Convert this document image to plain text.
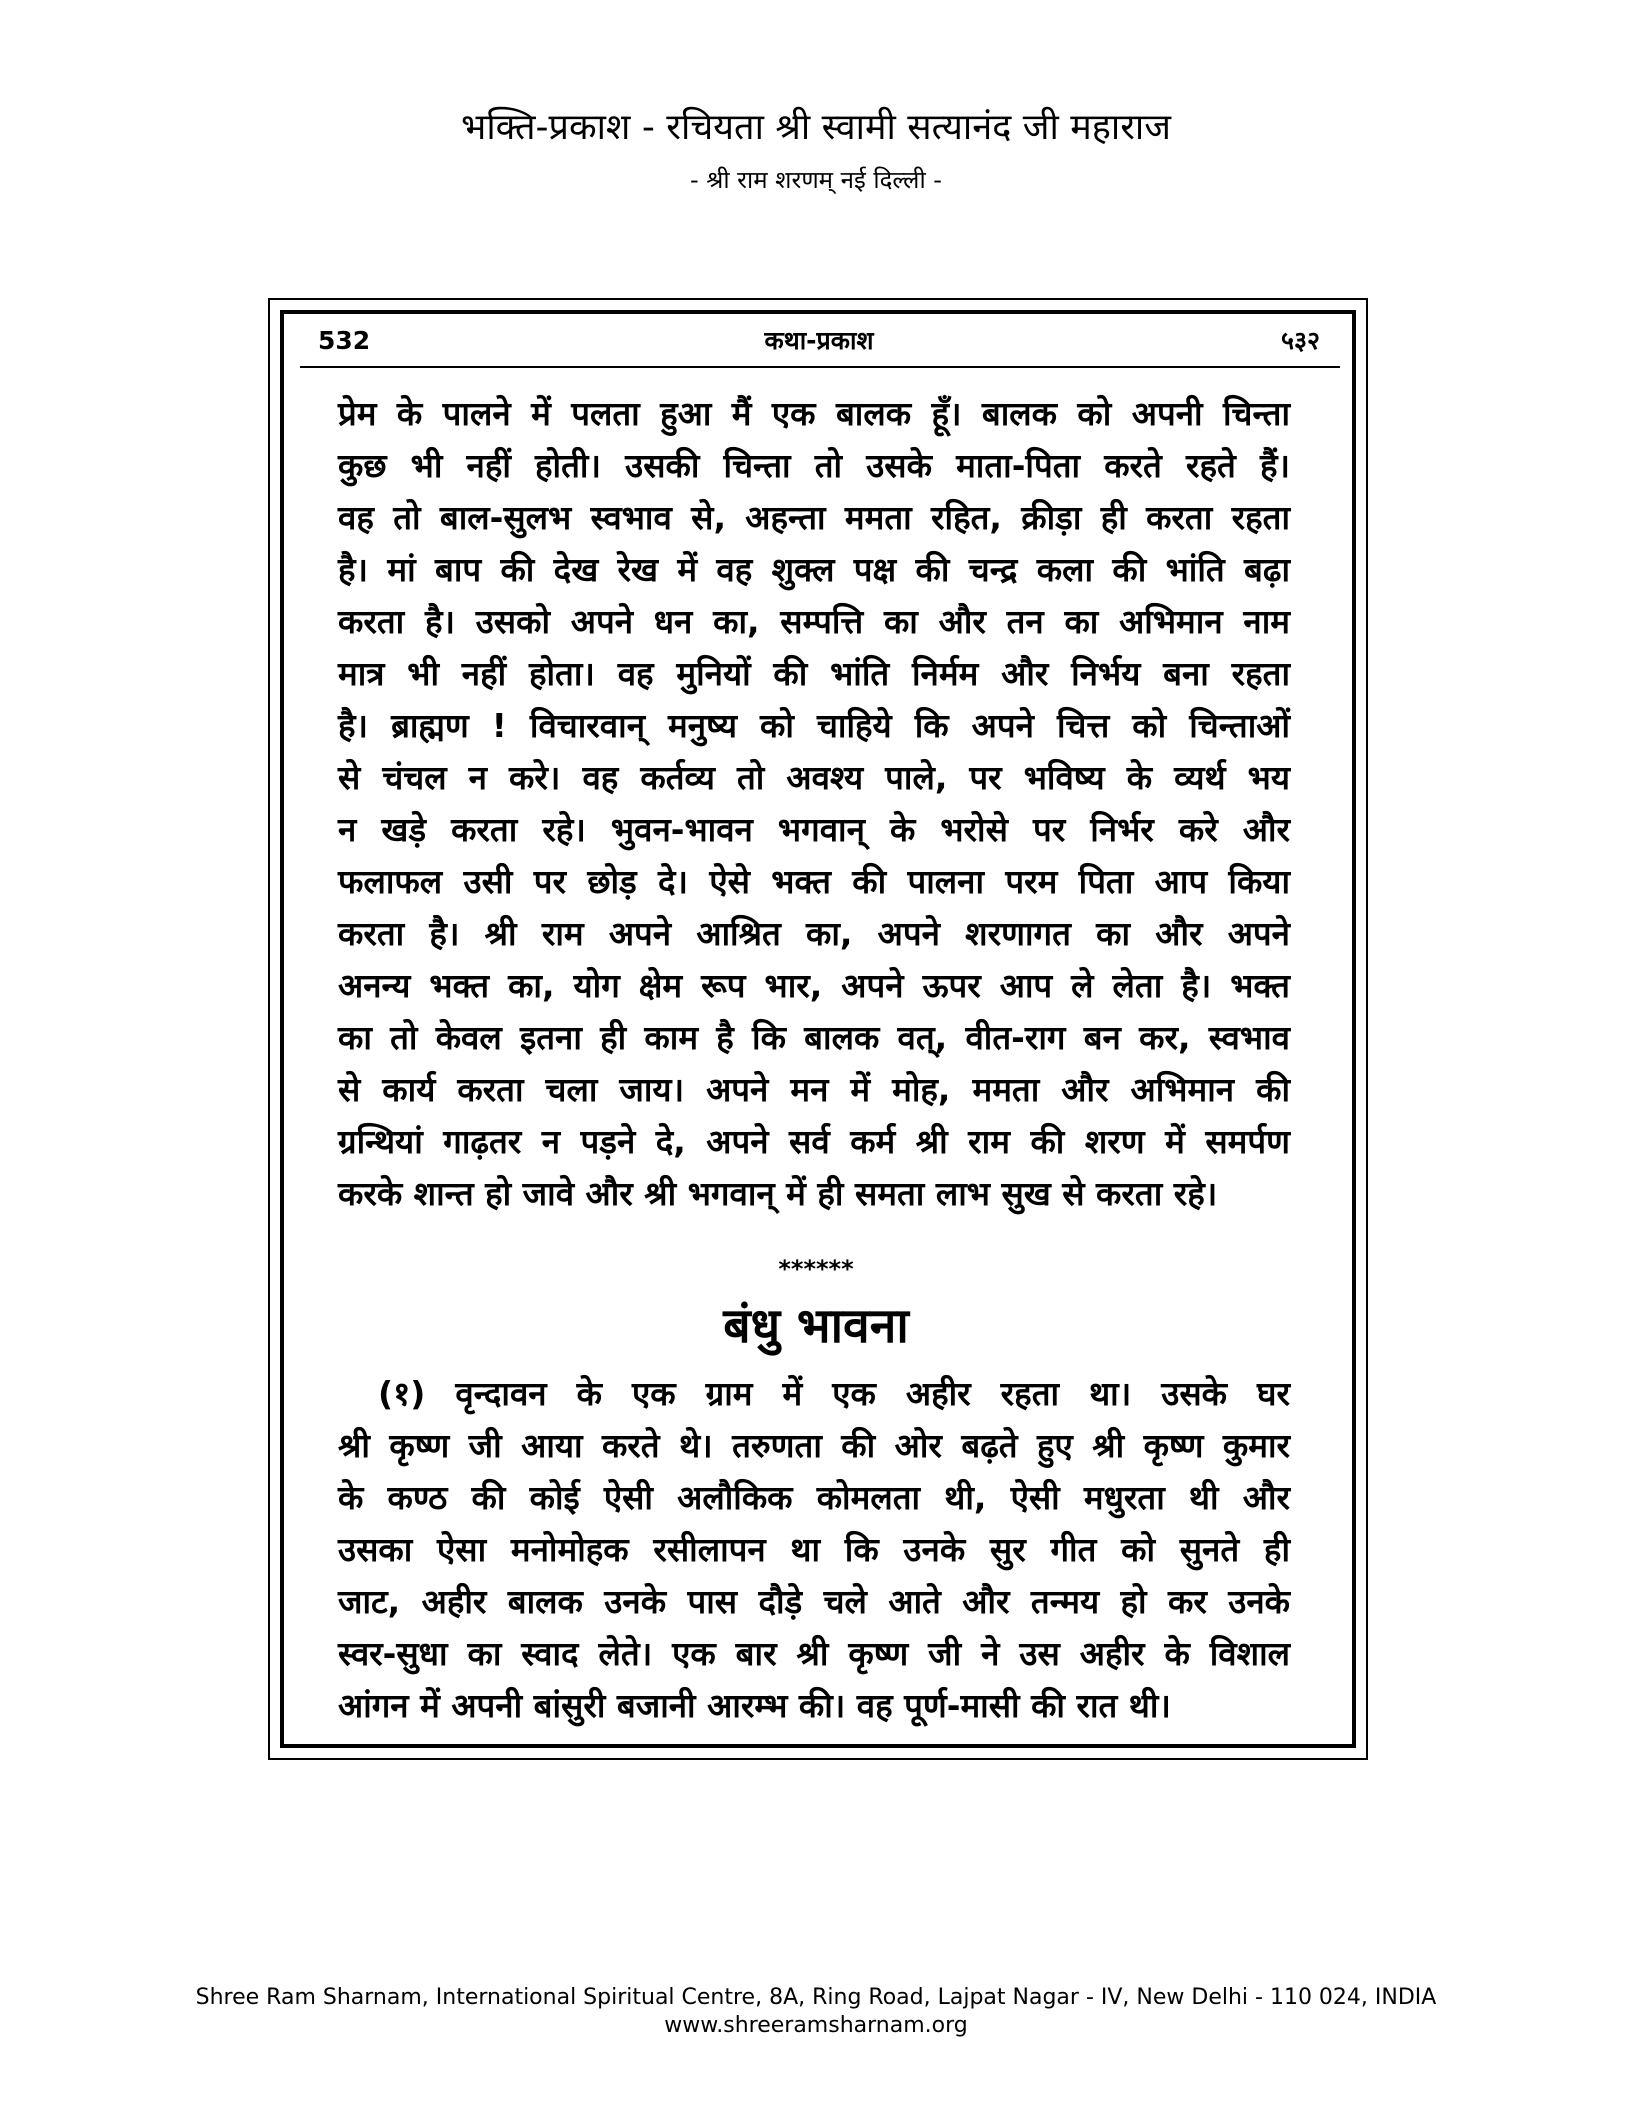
भक्ति-प्रकाश - रचियता श्री स्वामी सत्यानंद जी महाराज
- श्री राम शरणम् नई दिल्ली -
कथा-प्रकाश
532	५३२
प्रेम के पालने में पलता हुआ मैं एक बालक हूँ। बालक को अपनी चिन्ता
कुछ भी नहीं होती। उसकी चिन्ता तो उसके माता-पिता करते रहते हैं।
वह तो बाल-सुलभ स्वभाव से, अहन्ता ममता रहित, क्रीड़ा ही करता रहता
है। मां बाप की देख रेख में वह शुक्ल पक्ष की चन्द्र कला की भांति बढ़ा
करता है। उसको अपने धन का, सम्पत्ति का और तन का अभिमान नाम
मात्र भी नहीं होता। वह मुनियों की भांति निर्मम और निर्भय बना रहता
है। ब्राह्मण ! विचारवान् मनुष्य को चाहिये कि अपने चित्त को चिन्ताओं
से चंचल न करे। वह कर्तव्य तो अवश्य पाले, पर भविष्य के व्यर्थ भय
न खड़े करता रहे। भुवन-भावन भगवान् के भरोसे पर निर्भर करे और
फलाफल उसी पर छोड़ दे। ऐसे भक्त की पालना परम पिता आप किया
करता है। श्री राम अपने आश्रित का, अपने शरणागत का और अपने
अनन्य भक्त का, योग क्षेम रूप भार, अपने ऊपर आप ले लेता है। भक्त
का तो केवल इतना ही काम है कि बालक वत्, वीत-राग बन कर, स्वभाव
से कार्य करता चला जाय। अपने मन में मोह, ममता और अभिमान की
ग्रन्थियां गाढ़तर न पड़ने दे, अपने सर्व कर्म श्री राम की शरण में समर्पण
करके शान्त हो जावे और श्री भगवान् में ही समता लाभ सुख से करता रहे।
******
बंधु भावना
(१) वृन्दावन के एक ग्राम में एक अहीर रहता था। उसके घर
श्री कृष्ण जी आया करते थे। तरुणता की ओर बढ़ते हुए श्री कृष्ण कुमार
के कण्ठ की कोई ऐसी अलौकिक कोमलता थी, ऐसी मधुरता थी और
उसका ऐसा मनोमोहक रसीलापन था कि उनके सुर गीत को सुनते ही
जाट, अहीर बालक उनके पास दौड़े चले आते और तन्मय हो कर उनके
स्वर-सुधा का स्वाद लेते। एक बार श्री कृष्ण जी ने उस अहीर के विशाल
आंगन में अपनी बांसुरी बजानी आरम्भ की। वह पूर्ण-मासी की रात थी।
Shree Ram Sharnam, International Spiritual Centre, 8A, Ring Road, Lajpat Nagar - IV, New Delhi - 110 024, INDIA
www.shreeramsharnam.org
